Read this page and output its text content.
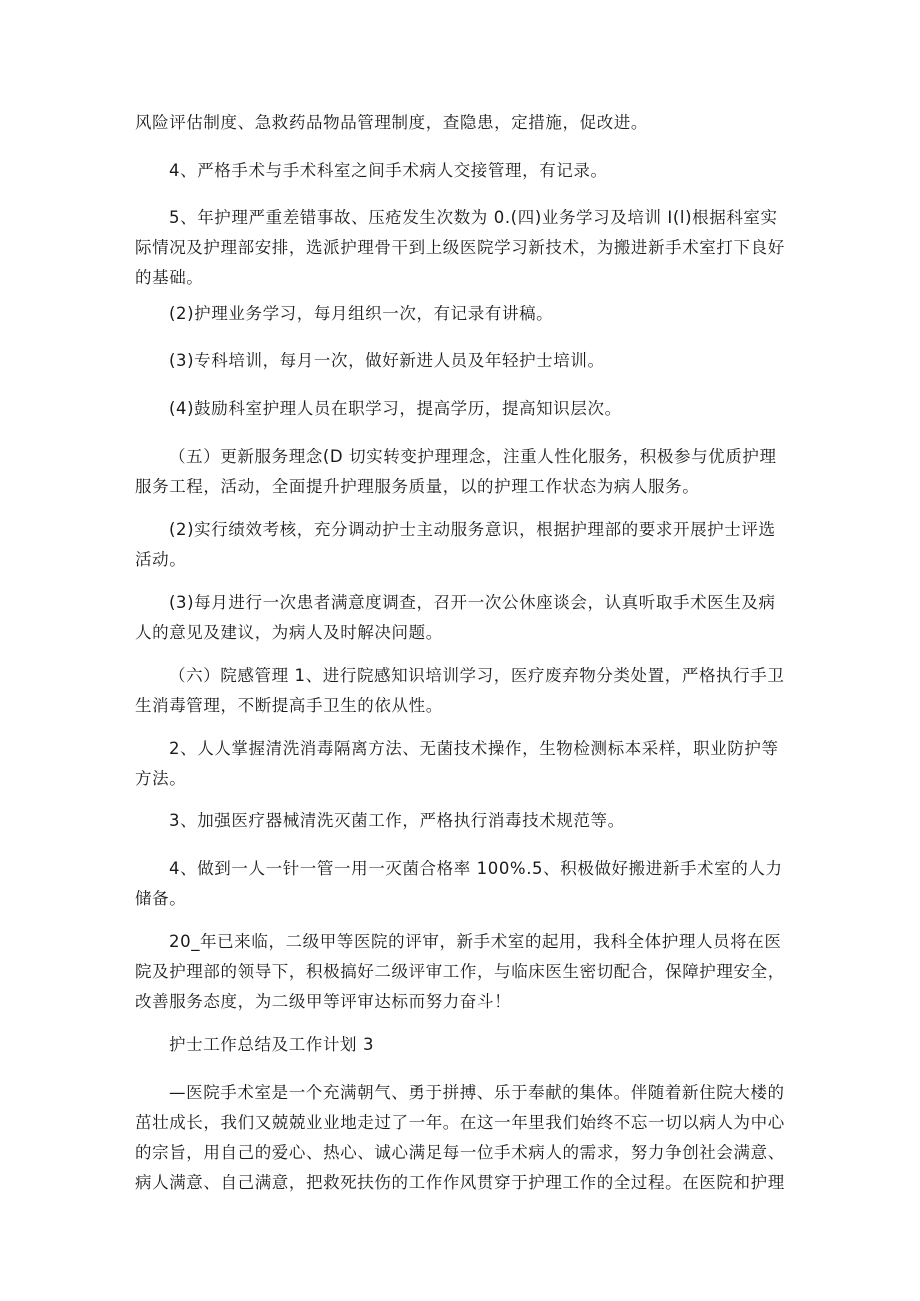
风险评估制度、急救药品物品管理制度，查隐患，定措施，促改进。

4、严格手术与手术科室之间手术病人交接管理，有记录。

5、年护理严重差错事故、压疮发生次数为 0.(四)业务学习及培训 I(l)根据科室实际情况及护理部安排，选派护理骨干到上级医院学习新技术，为搬进新手术室打下良好的基础。

(2)护理业务学习，每月组织一次，有记录有讲稿。

(3)专科培训，每月一次，做好新进人员及年轻护士培训。

(4)鼓励科室护理人员在职学习，提高学历，提高知识层次。

（五）更新服务理念(D 切实转变护理理念，注重人性化服务，积极参与优质护理服务工程，活动，全面提升护理服务质量，以的护理工作状态为病人服务。

(2)实行绩效考核，充分调动护士主动服务意识，根据护理部的要求开展护士评选活动。

(3)每月进行一次患者满意度调查，召开一次公休座谈会，认真听取手术医生及病人的意见及建议，为病人及时解决问题。

（六）院感管理 1、进行院感知识培训学习，医疗废弃物分类处置，严格执行手卫生消毒管理，不断提高手卫生的依从性。

2、人人掌握清洗消毒隔离方法、无菌技术操作，生物检测标本采样，职业防护等方法。

3、加强医疗器械清洗灭菌工作，严格执行消毒技术规范等。

4、做到一人一针一管一用一灭菌合格率 100%.5、积极做好搬进新手术室的人力储备。

20_年已来临，二级甲等医院的评审，新手术室的起用，我科全体护理人员将在医院及护理部的领导下，积极搞好二级评审工作，与临床医生密切配合，保障护理安全，改善服务态度，为二级甲等评审达标而努力奋斗！

护士工作总结及工作计划 3

—医院手术室是一个充满朝气、勇于拼搏、乐于奉献的集体。伴随着新住院大楼的茁壮成长，我们又兢兢业业地走过了一年。在这一年里我们始终不忘一切以病人为中心的宗旨，用自己的爱心、热心、诚心满足每一位手术病人的需求，努力争创社会满意、病人满意、自己满意，把救死扶伤的工作作风贯穿于护理工作的全过程。在医院和护理
